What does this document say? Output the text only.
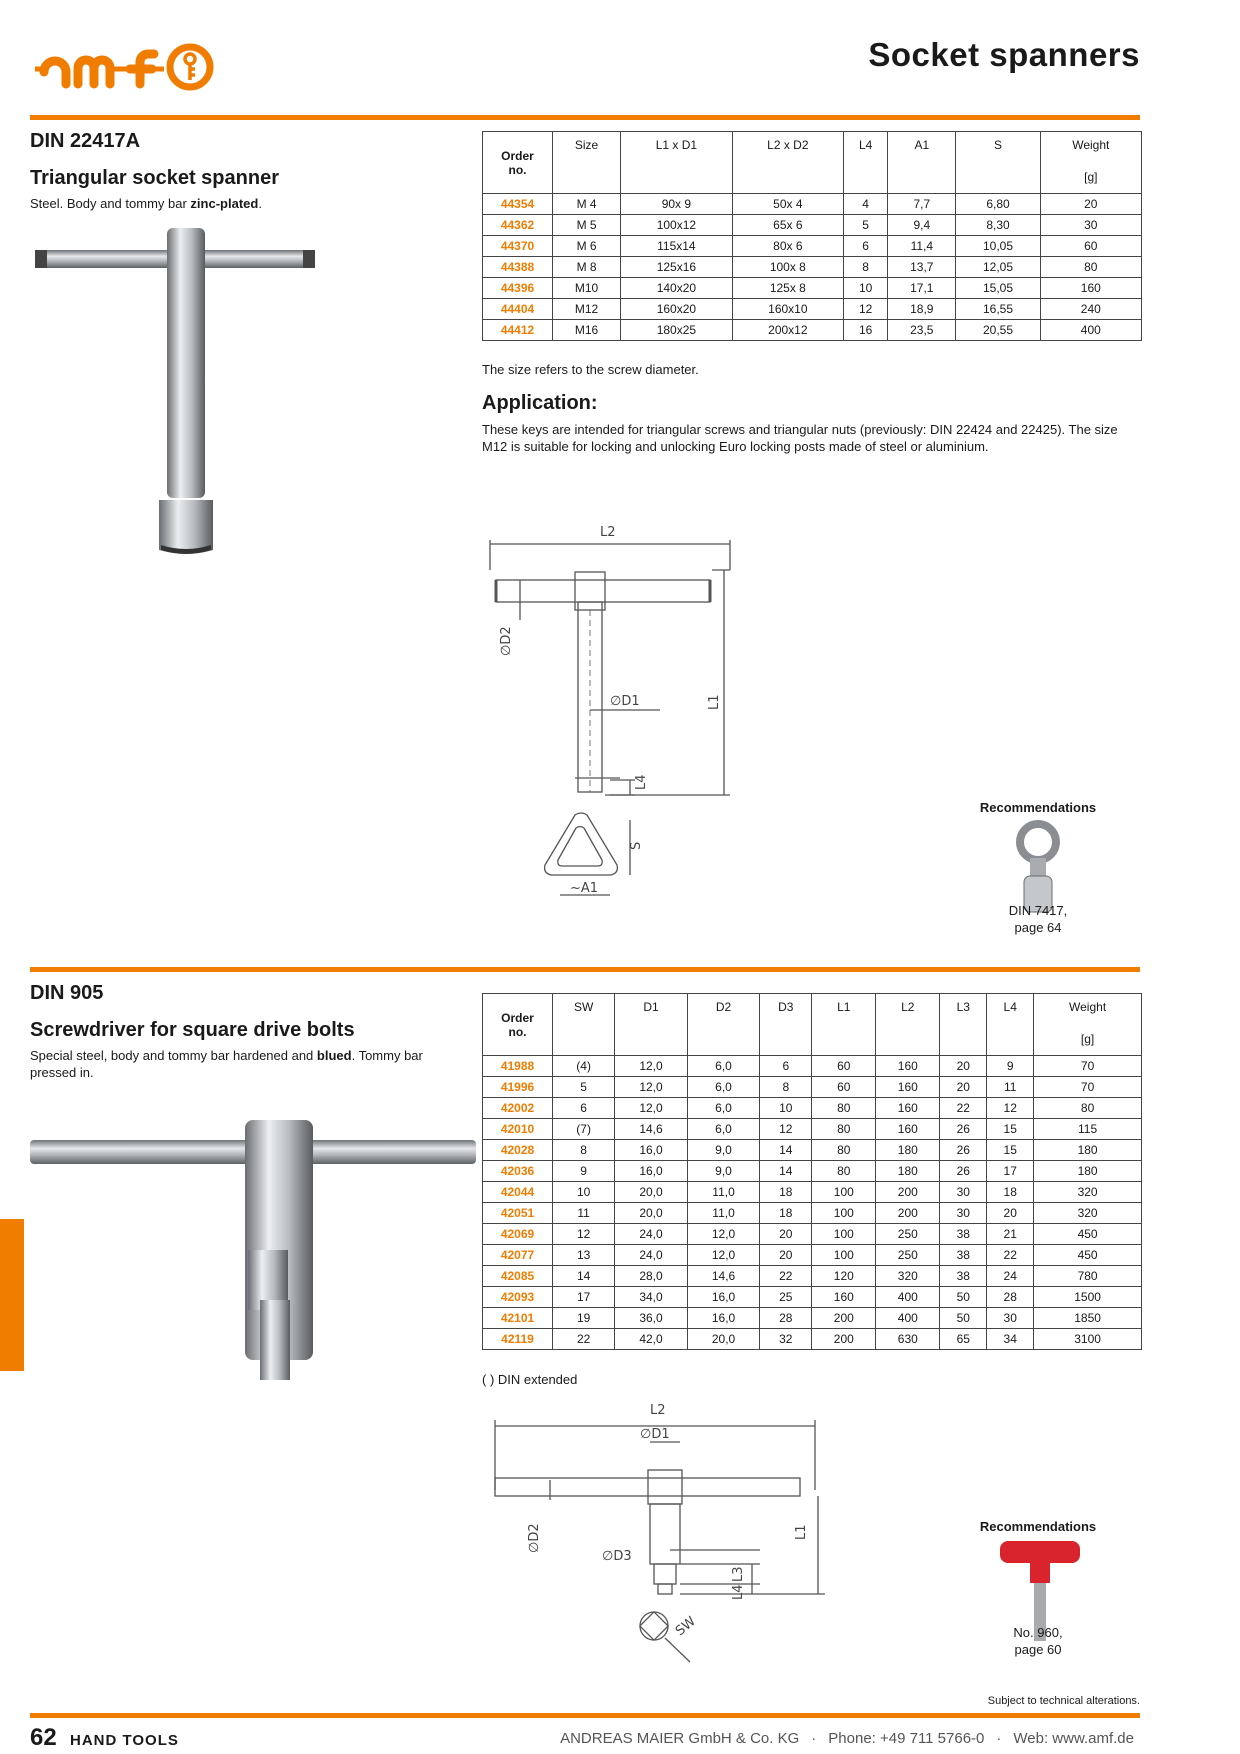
Socket spanners
DIN 22417A
Triangular socket spanner
Steel. Body and tommy bar zinc-plated.
Order
no.	Size	L1 x D1	L2 x D2	L4	A1	S	Weight
[g]

44354	M 4	90x 9	50x 4	4	7,7	6,80	20
44362	M 5	100x12	65x 6	5	9,4	8,30	30
44370	M 6	115x14	80x 6	6	11,4	10,05	60
44388	M 8	125x16	100x 8	8	13,7	12,05	80
44396	M10	140x20	125x 8	10	17,1	15,05	160
44404	M12	160x20	160x10	12	18,9	16,55	240
44412	M16	180x25	200x12	16	23,5	20,55	400
The size refers to the screw diameter.
Application:
These keys are intended for triangular screws and triangular nuts (previously: DIN 22424 and 22425). The size M12 is suitable for locking and unlocking Euro locking posts made of steel or aluminium.
L2
∅D2
∅D1	L1
L4
S
~A1
Recommendations
DIN 7417,
page 64
DIN 905
Screwdriver for square drive bolts
Special steel, body and tommy bar hardened and blued. Tommy bar pressed in.
Order
no.	SW	D1	D2	D3	L1	L2	L3	L4	Weight
[g]

41988	(4)	12,0	6,0	6	60	160	20	9	70
41996	5	12,0	6,0	8	60	160	20	11	70
42002	6	12,0	6,0	10	80	160	22	12	80
42010	(7)	14,6	6,0	12	80	160	26	15	115
42028	8	16,0	9,0	14	80	180	26	15	180
42036	9	16,0	9,0	14	80	180	26	17	180
42044	10	20,0	11,0	18	100	200	30	18	320
42051	11	20,0	11,0	18	100	200	30	20	320
42069	12	24,0	12,0	20	100	250	38	21	450
42077	13	24,0	12,0	20	100	250	38	22	450
42085	14	28,0	14,6	22	120	320	38	24	780
42093	17	34,0	16,0	25	160	400	50	28	1500
42101	19	36,0	16,0	28	200	400	50	30	1850
42119	22	42,0	20,0	32	200	630	65	34	3100
( ) DIN extended
L2
∅D1
∅D2
∅D3
L1
L3
L4
SW
Recommendations
No. 960,
page 60
Subject to technical alterations.
62 HAND TOOLS	ANDREAS MAIER GmbH & Co. KG · Phone: +49 711 5766-0 · Web: www.amf.de
